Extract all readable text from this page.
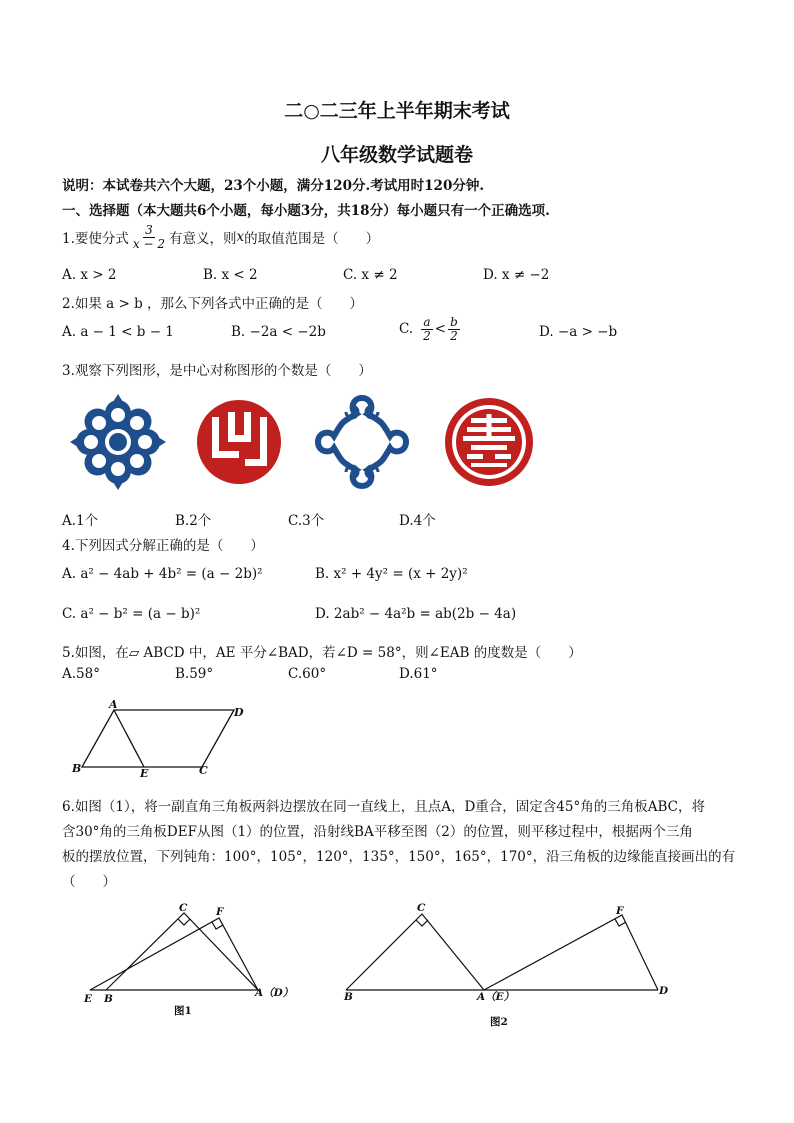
二○二三年上半年期末考试
八年级数学试题卷
说明：本试卷共六个大题，23个小题，满分120分.考试用时120分钟.
一、选择题（本大题共6个小题，每小题3分，共18分）每小题只有一个正确选项.
1.要使分式 $\frac{3}{x - 2}$ 有意义，则 x 的取值范围是（　　）
A. x > 2	B. x < 2	C. x ≠ 2	D. x ≠ −2
2.如果 a > b ，那么下列各式中正确的是（　　）
A. a − 1 < b − 1	B. −2a < −2b	C. $\frac{a}{2} < \frac{b}{2}$	D. −a > −b
3.观察下列图形，是中心对称图形的个数是（　　）
A.1个	B.2个	C.3个	D.4个
4.下列因式分解正确的是（　　）
A. a² − 4ab + 4b² = (a − 2b)²	B. x² + 4y² = (x + 2y)²
C. a² − b² = (a − b)²	D. 2ab² − 4a²b = ab(2b − 4a)
5.如图，在▱ ABCD 中，AE 平分∠BAD，若∠D = 58°，则∠EAB 的度数是（　　）
A.58°	B.59°	C.60°	D.61°
A
D
B	E	C
6.如图（1），将一副直角三角板两斜边摆放在同一直线上，且点A，D重合，固定含45°角的三角板ABC，将
含30°角的三角板DEF从图（1）的位置，沿射线BA平移至图（2）的位置，则平移过程中，根据两个三角
板的摆放位置，下列钝角：100°，105°，120°，135°，150°，165°，170°，沿三角板的边缘能直接画出的有
（　　）
E B	A（D）
C	F
图1
B	A（E）	D
C	F
图2
